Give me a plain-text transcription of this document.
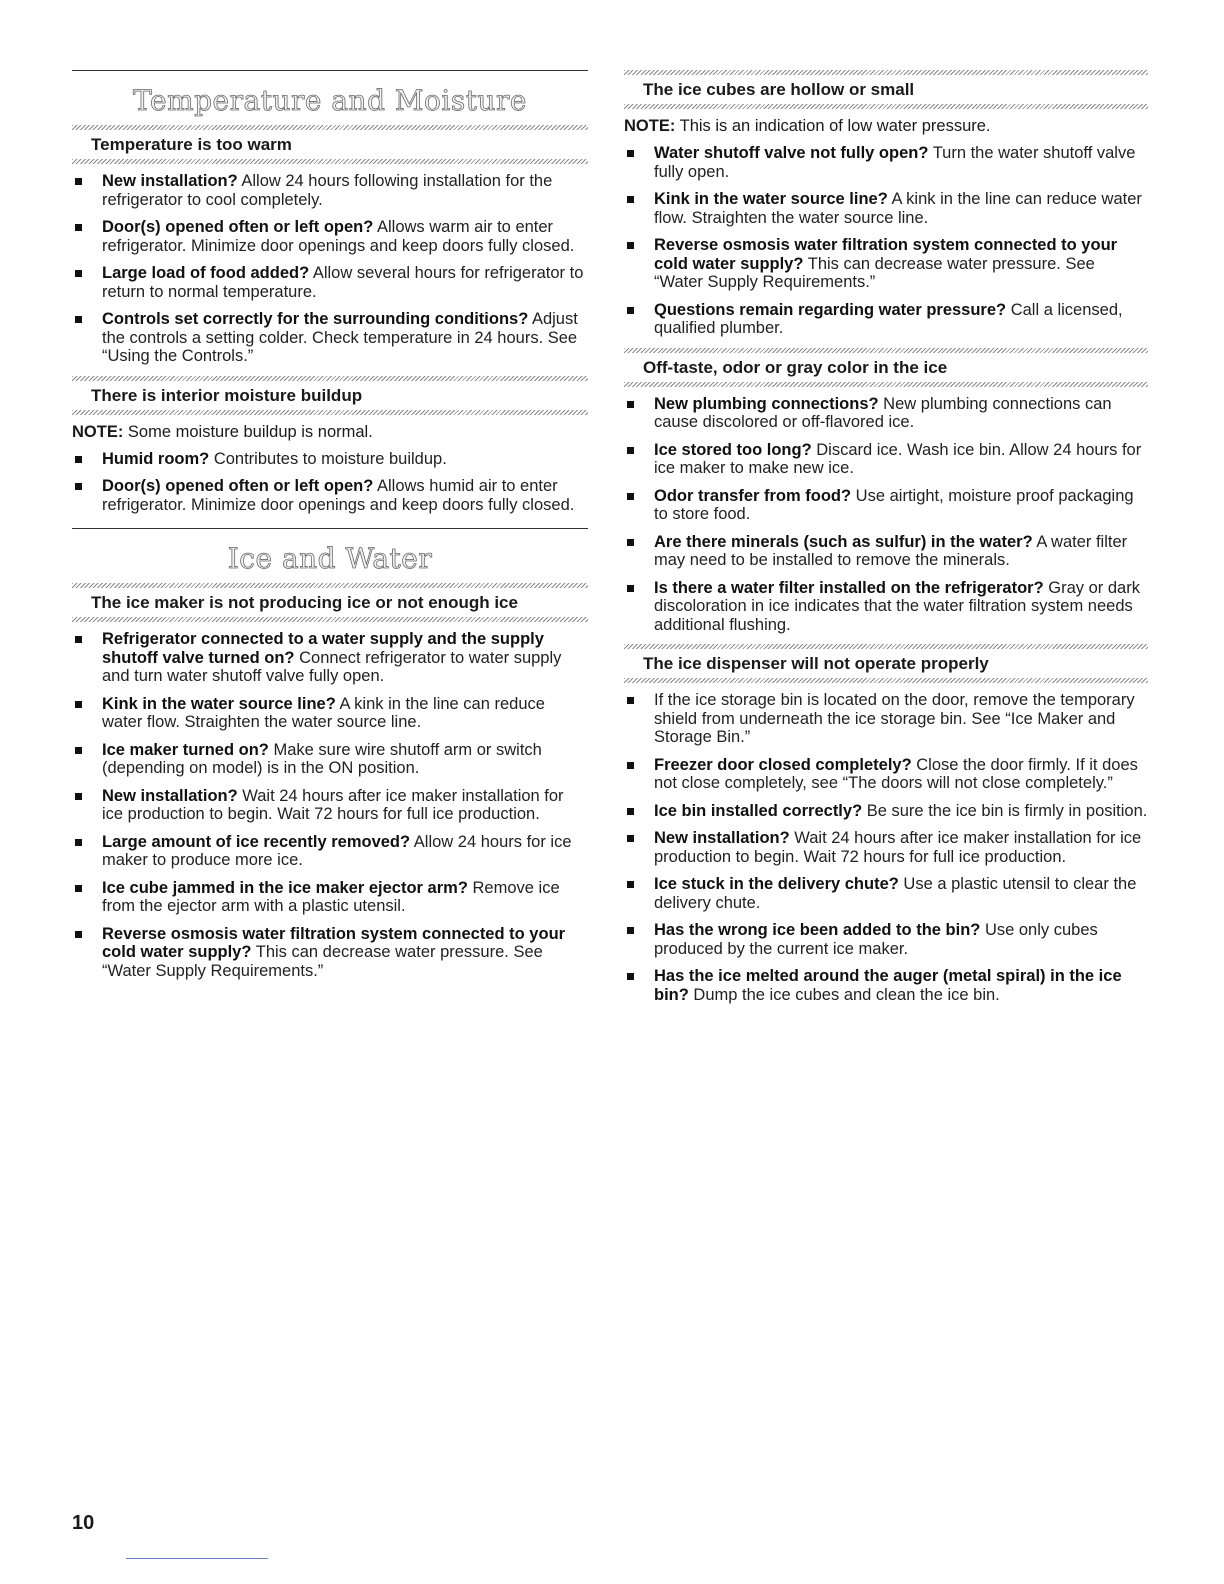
Temperature and Moisture
Temperature is too warm
New installation? Allow 24 hours following installation for the refrigerator to cool completely.
Door(s) opened often or left open? Allows warm air to enter refrigerator. Minimize door openings and keep doors fully closed.
Large load of food added? Allow several hours for refrigerator to return to normal temperature.
Controls set correctly for the surrounding conditions? Adjust the controls a setting colder. Check temperature in 24 hours. See “Using the Controls.”
There is interior moisture buildup
NOTE: Some moisture buildup is normal.
Humid room? Contributes to moisture buildup.
Door(s) opened often or left open? Allows humid air to enter refrigerator. Minimize door openings and keep doors fully closed.
Ice and Water
The ice maker is not producing ice or not enough ice
Refrigerator connected to a water supply and the supply shutoff valve turned on? Connect refrigerator to water supply and turn water shutoff valve fully open.
Kink in the water source line? A kink in the line can reduce water flow. Straighten the water source line.
Ice maker turned on? Make sure wire shutoff arm or switch (depending on model) is in the ON position.
New installation? Wait 24 hours after ice maker installation for ice production to begin. Wait 72 hours for full ice production.
Large amount of ice recently removed? Allow 24 hours for ice maker to produce more ice.
Ice cube jammed in the ice maker ejector arm? Remove ice from the ejector arm with a plastic utensil.
Reverse osmosis water filtration system connected to your cold water supply? This can decrease water pressure. See “Water Supply Requirements.”
The ice cubes are hollow or small
NOTE: This is an indication of low water pressure.
Water shutoff valve not fully open? Turn the water shutoff valve fully open.
Kink in the water source line? A kink in the line can reduce water flow. Straighten the water source line.
Reverse osmosis water filtration system connected to your cold water supply? This can decrease water pressure. See “Water Supply Requirements.”
Questions remain regarding water pressure? Call a licensed, qualified plumber.
Off-taste, odor or gray color in the ice
New plumbing connections? New plumbing connections can cause discolored or off-flavored ice.
Ice stored too long? Discard ice. Wash ice bin. Allow 24 hours for ice maker to make new ice.
Odor transfer from food? Use airtight, moisture proof packaging to store food.
Are there minerals (such as sulfur) in the water? A water filter may need to be installed to remove the minerals.
Is there a water filter installed on the refrigerator? Gray or dark discoloration in ice indicates that the water filtration system needs additional flushing.
The ice dispenser will not operate properly
If the ice storage bin is located on the door, remove the temporary shield from underneath the ice storage bin. See “Ice Maker and Storage Bin.”
Freezer door closed completely? Close the door firmly. If it does not close completely, see “The doors will not close completely.”
Ice bin installed correctly? Be sure the ice bin is firmly in position.
New installation? Wait 24 hours after ice maker installation for ice production to begin. Wait 72 hours for full ice production.
Ice stuck in the delivery chute? Use a plastic utensil to clear the delivery chute.
Has the wrong ice been added to the bin? Use only cubes produced by the current ice maker.
Has the ice melted around the auger (metal spiral) in the ice bin? Dump the ice cubes and clean the ice bin.
10
